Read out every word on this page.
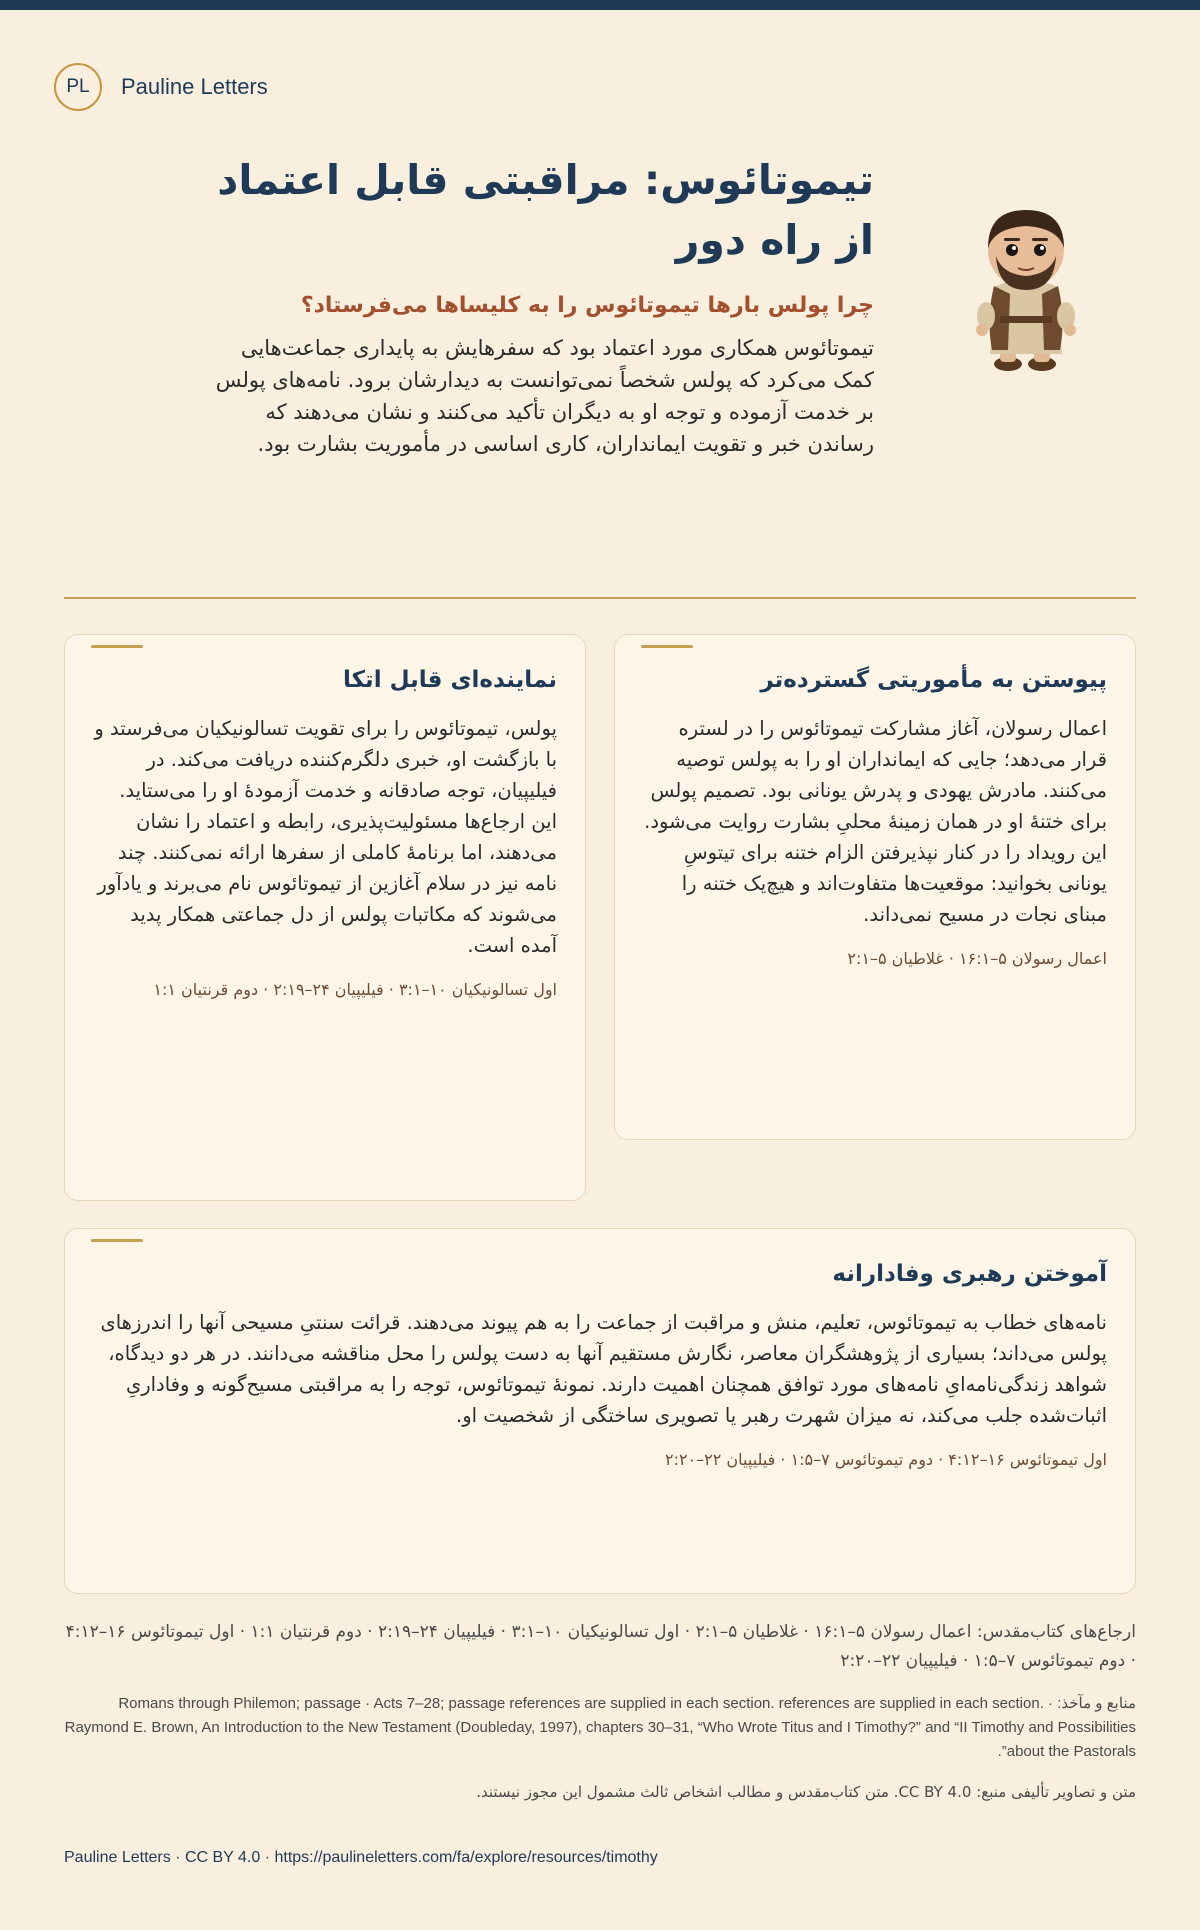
PL	Pauline Letters
تیموتائوس: مراقبتی قابل اعتماد از راه دور
چرا پولس بارها تیموتائوس را به کلیساها می‌فرستاد؟

تیموتائوس همکاری مورد اعتماد بود که سفرهایش به پایداری جماعت‌هایی کمک می‌کرد که پولس شخصاً نمی‌توانست به دیدارشان برود. نامه‌های پولس بر خدمت آزموده و توجه او به دیگران تأکید می‌کنند و نشان می‌دهند که رساندن خبر و تقویت ایمانداران، کاری اساسی در مأموریت بشارت بود.

پیوستن به مأموریتی گسترده‌تر

اعمال رسولان، آغاز مشارکت تیموتائوس را در لستره قرار می‌دهد؛ جایی که ایمانداران او را به پولس توصیه می‌کنند. مادرش یهودی و پدرش یونانی بود. تصمیم پولس برای ختنهٔ او در همان زمینهٔ محلیِ بشارت روایت می‌شود. این رویداد را در کنار نپذیرفتن الزام ختنه برای تیتوسِ یونانی بخوانید: موقعیت‌ها متفاوت‌اند و هیچ‌یک ختنه را مبنای نجات در مسیح نمی‌داند.

اعمال رسولان ۵–۱۶:۱ · غلاطیان ۵–۲:۱
نماینده‌ای قابل اتکا

پولس، تیموتائوس را برای تقویت تسالونیکیان می‌فرستد و با بازگشت او، خبری دلگرم‌کننده دریافت می‌کند. در فیلیپیان، توجه صادقانه و خدمت آزمودهٔ او را می‌ستاید. این ارجاع‌ها مسئولیت‌پذیری، رابطه و اعتماد را نشان می‌دهند، اما برنامهٔ کاملی از سفرها ارائه نمی‌کنند. چند نامه نیز در سلام آغازین از تیموتائوس نام می‌برند و یادآور می‌شوند که مکاتبات پولس از دل جماعتی همکار پدید آمده است.

اول تسالونیکیان ۱۰–۳:۱ · فیلیپیان ۲۴–۲:۱۹ · دوم قرنتیان ۱:۱
آموختن رهبری وفادارانه

نامه‌های خطاب به تیموتائوس، تعلیم، منش و مراقبت از جماعت را به هم پیوند می‌دهند. قرائت سنتیِ مسیحی آنها را اندرزهای پولس می‌داند؛ بسیاری از پژوهشگران معاصر، نگارش مستقیم آنها به دست پولس را محل مناقشه می‌دانند. در هر دو دیدگاه، شواهد زندگی‌نامه‌ایِ نامه‌های مورد توافق همچنان اهمیت دارند. نمونهٔ تیموتائوس، توجه را به مراقبتی مسیح‌گونه و وفاداریِ اثبات‌شده جلب می‌کند، نه میزان شهرت رهبر یا تصویری ساختگی از شخصیت او.

اول تیموتائوس ۱۶–۴:۱۲ · دوم تیموتائوس ۷–۱:۵ · فیلیپیان ۲۲–۲:۲۰

ارجاع‌های کتاب‌مقدس: اعمال رسولان ۵–۱۶:۱ · غلاطیان ۵–۲:۱ · اول تسالونیکیان ۱۰–۳:۱ · فیلیپیان ۲۴–۲:۱۹ · دوم قرنتیان ۱:۱ · اول تیموتائوس ۱۶–۴:۱۲ · دوم تیموتائوس ۷–۱:۵ · فیلیپیان ۲۲–۲:۲۰

منابع و مآخذ: Romans through Philemon; passage · Acts 7–28; passage references are supplied in each section. references are supplied in each section. · Raymond E. Brown, An Introduction to the New Testament (Doubleday, 1997), chapters 30–31, “Who Wrote Titus and I Timothy?” and “II Timothy and Possibilities about the Pastorals”.
متن و تصاویر تألیفی منبع: CC BY 4.0. متن کتاب‌مقدس و مطالب اشخاص ثالث مشمول این مجوز نیستند.
Pauline Letters · CC BY 4.0 · https://paulineletters.com/fa/explore/resources/timothy
